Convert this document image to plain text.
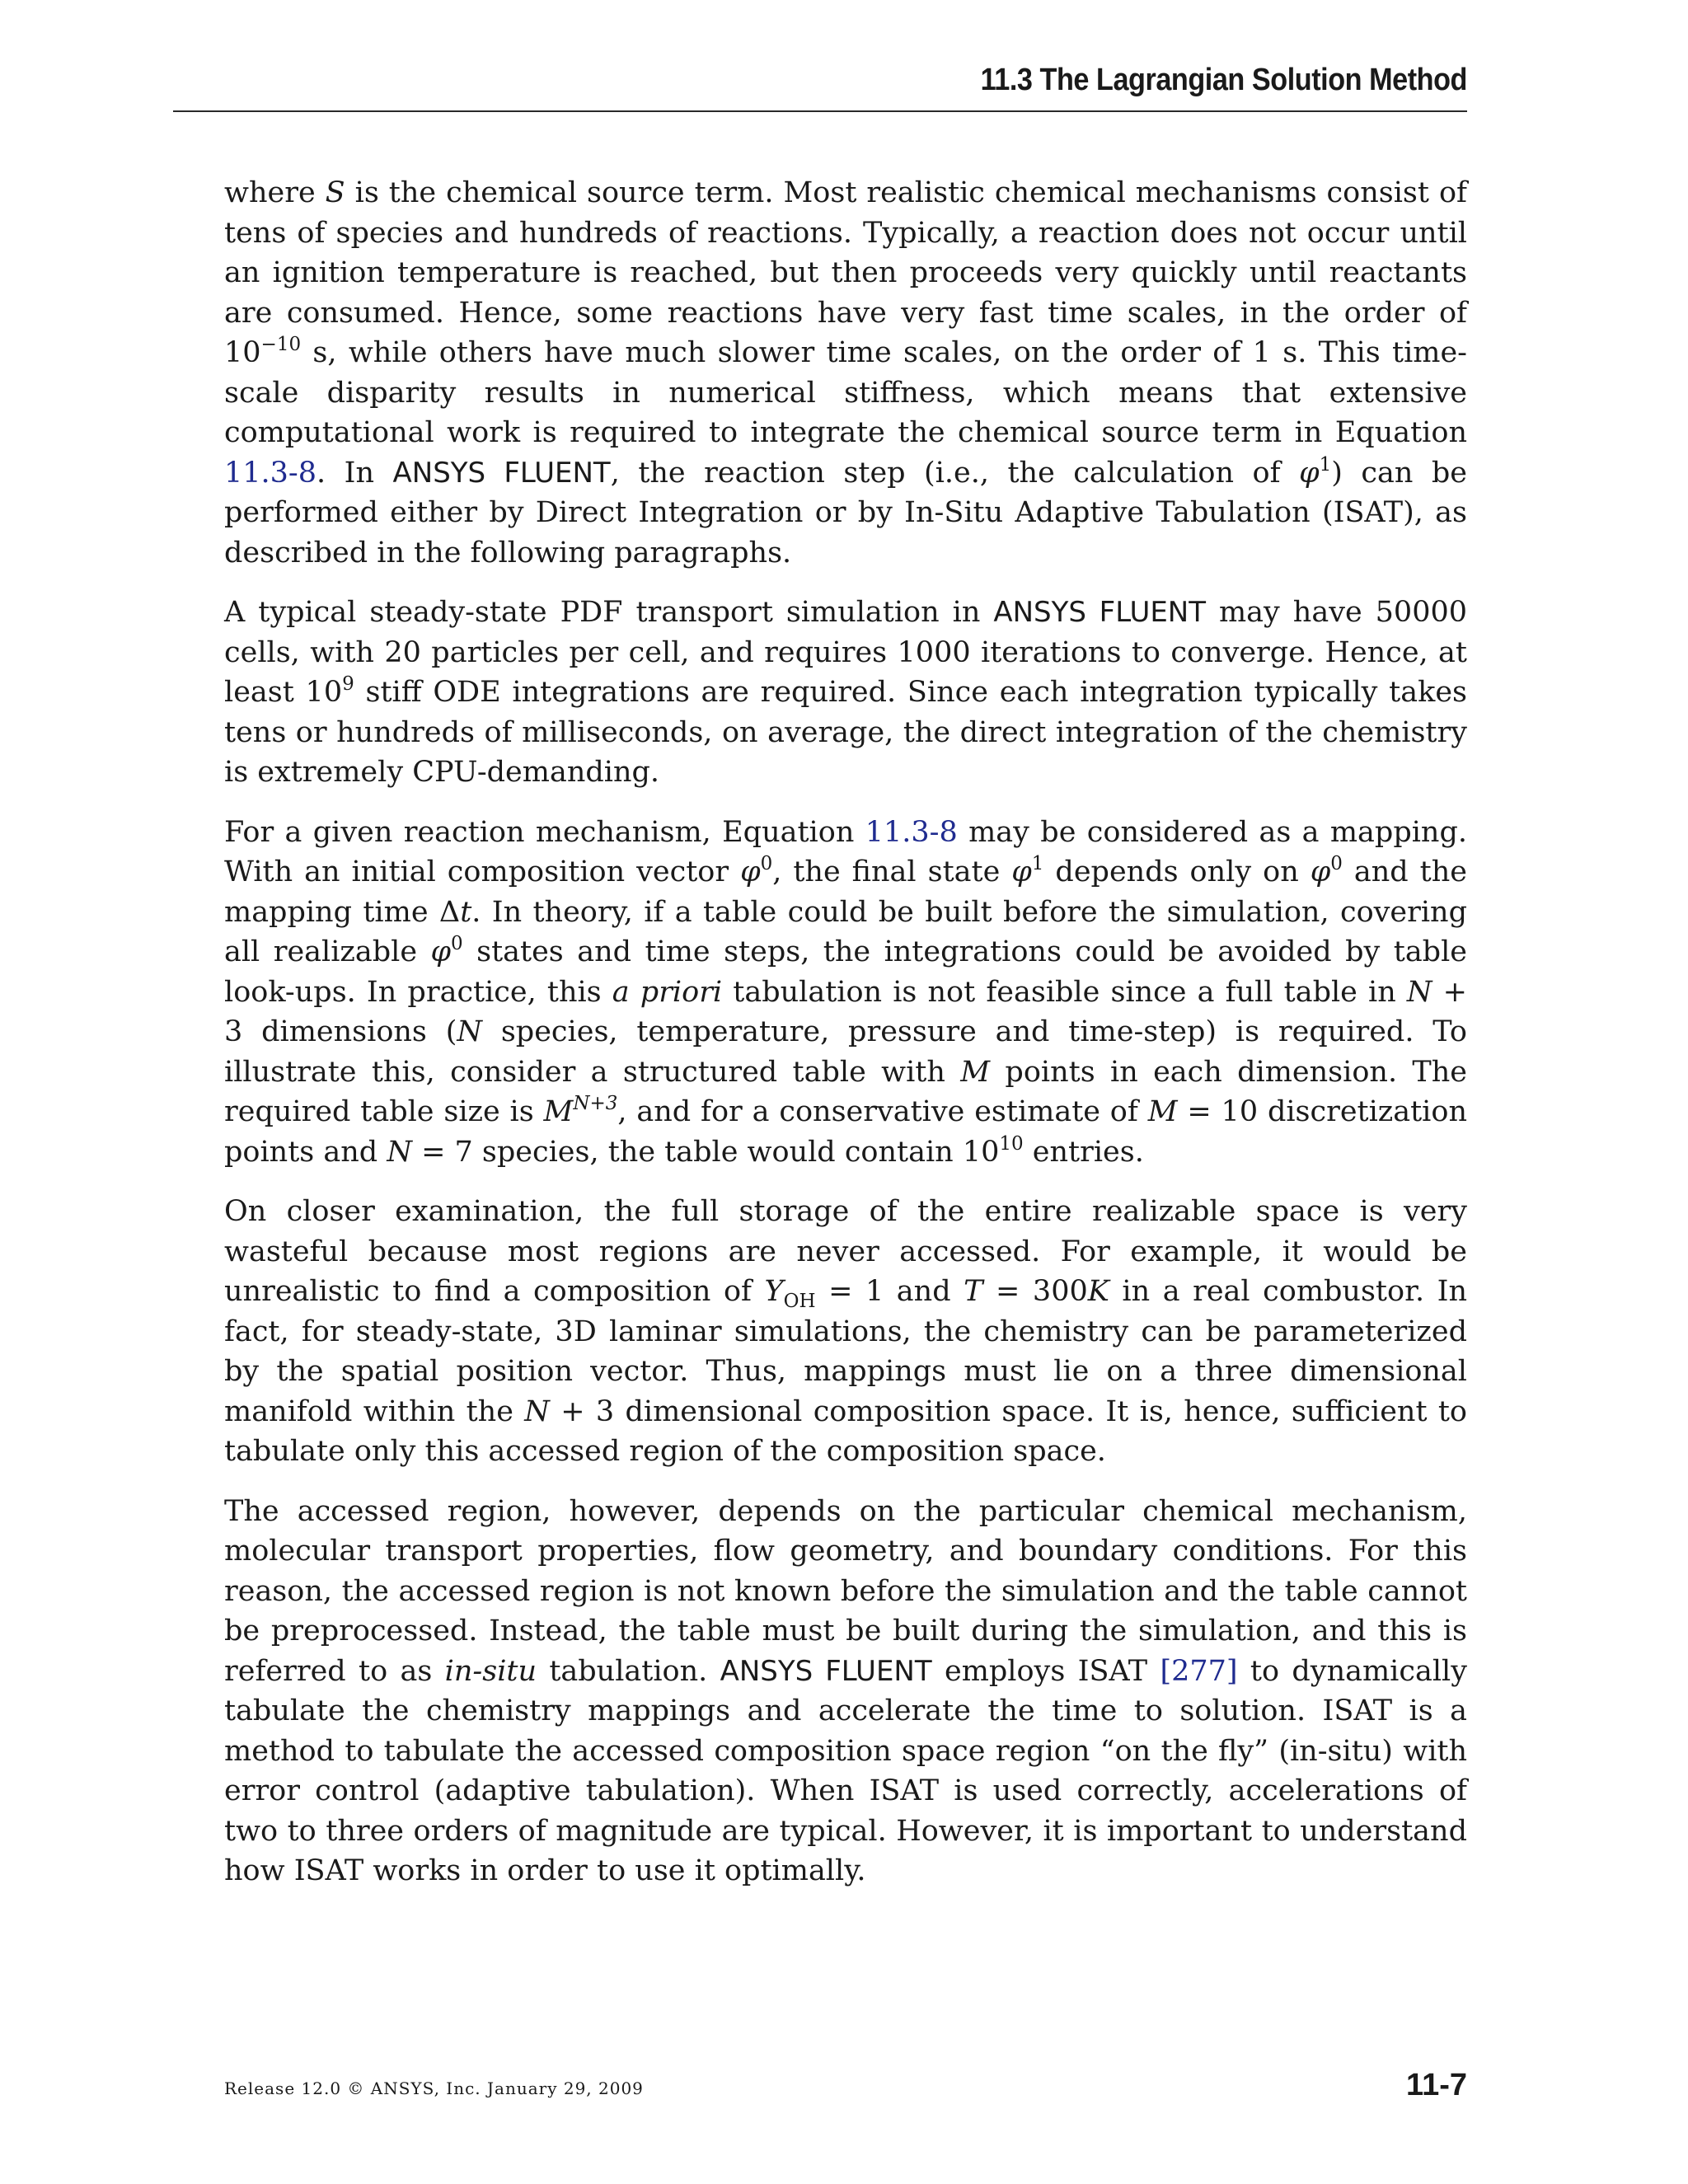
11.3 The Lagrangian Solution Method

where S is the chemical source term. Most realistic chemical mechanisms consist of tens of species and hundreds of reactions. Typically, a reaction does not occur until an ignition temperature is reached, but then proceeds very quickly until reactants are consumed. Hence, some reactions have very fast time scales, in the order of $10^{-10}$ s, while others have much slower time scales, on the order of 1 s. This time-scale disparity results in numerical stiffness, which means that extensive computational work is required to integrate the chemical source term in Equation 11.3-8. In ANSYS FLUENT, the reaction step (i.e., the calculation of $\varphi^1$) can be performed either by Direct Integration or by In-Situ Adaptive Tabulation (ISAT), as described in the following paragraphs.

A typical steady-state PDF transport simulation in ANSYS FLUENT may have 50000 cells, with 20 particles per cell, and requires 1000 iterations to converge. Hence, at least $10^9$ stiff ODE integrations are required. Since each integration typically takes tens or hundreds of milliseconds, on average, the direct integration of the chemistry is extremely CPU-demanding.

For a given reaction mechanism, Equation 11.3-8 may be considered as a mapping. With an initial composition vector $\varphi^0$, the final state $\varphi^1$ depends only on $\varphi^0$ and the mapping time Δt. In theory, if a table could be built before the simulation, covering all realizable $\varphi^0$ states and time steps, the integrations could be avoided by table look-ups. In practice, this a priori tabulation is not feasible since a full table in N + 3 dimensions (N species, temperature, pressure and time-step) is required. To illustrate this, consider a structured table with M points in each dimension. The required table size is $M^{N+3}$, and for a conservative estimate of M = 10 discretization points and N = 7 species, the table would contain $10^{10}$ entries.

On closer examination, the full storage of the entire realizable space is very wasteful because most regions are never accessed. For example, it would be unrealistic to find a composition of $Y_{OH} = 1$ and T = 300K in a real combustor. In fact, for steady-state, 3D laminar simulations, the chemistry can be parameterized by the spatial position vector. Thus, mappings must lie on a three dimensional manifold within the N + 3 dimensional composition space. It is, hence, sufficient to tabulate only this accessed region of the composition space.

The accessed region, however, depends on the particular chemical mechanism, molecular transport properties, flow geometry, and boundary conditions. For this reason, the accessed region is not known before the simulation and the table cannot be preprocessed. Instead, the table must be built during the simulation, and this is referred to as in-situ tabulation. ANSYS FLUENT employs ISAT [277] to dynamically tabulate the chemistry mappings and accelerate the time to solution. ISAT is a method to tabulate the accessed composition space region “on the fly” (in-situ) with error control (adaptive tabulation). When ISAT is used correctly, accelerations of two to three orders of magnitude are typical. However, it is important to understand how ISAT works in order to use it optimally.

Release 12.0 © ANSYS, Inc. January 29, 2009	11-7
